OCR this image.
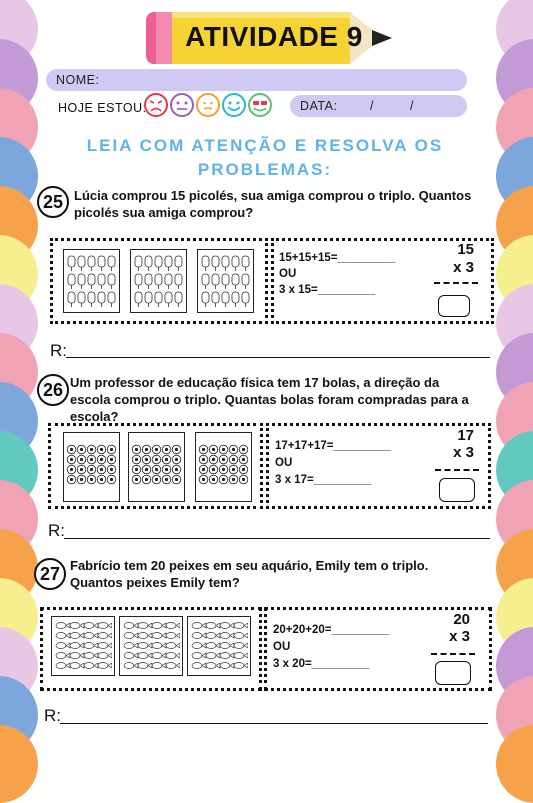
ATIVIDADE 9
NOME:
HOJE ESTOU:	DATA:	/	/
LEIA COM ATENÇÃO E RESOLVA OS
PROBLEMAS:
25 Lúcia comprou 15 picolés, sua amiga comprou o triplo. Quantos
picolés sua amiga comprou?
15+15+15=_________
OU
3 x 15=_________
15
x 3
R:
26 Um professor de educação física tem 17 bolas, a direção da
escola comprou o triplo. Quantas bolas foram compradas para a
escola?
17+17+17=_________
OU
3 x 17=_________
17
x 3
R:
27 Fabrício tem 20 peixes em seu aquário, Emily tem o triplo.
Quantos peixes Emily tem?
20+20+20=_________
OU
3 x 20=_________
20
x 3
R:
